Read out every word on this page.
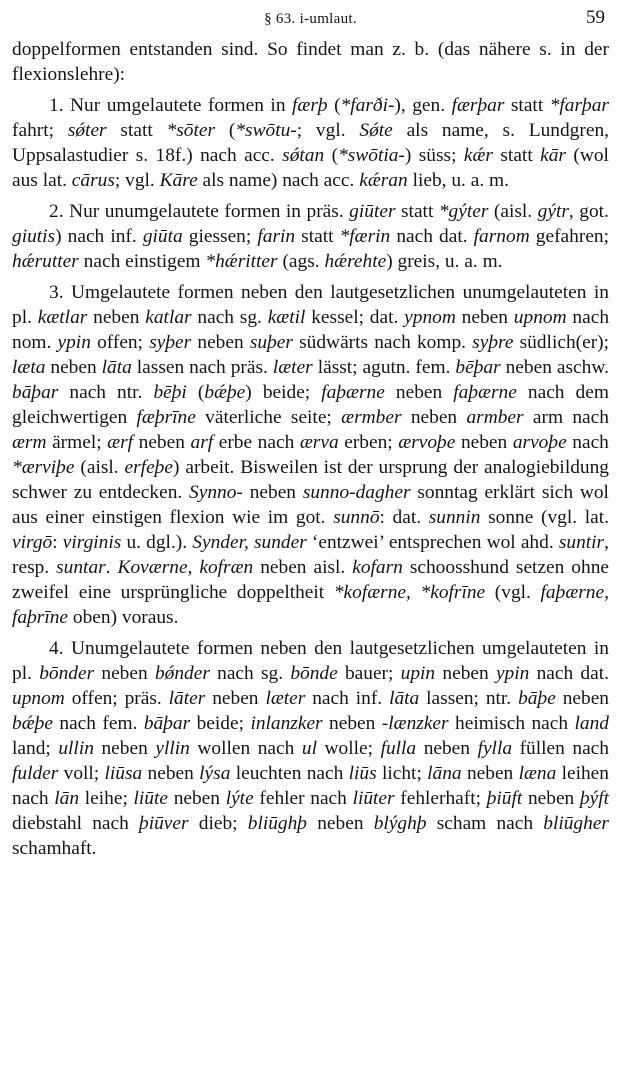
§ 63. i-umlaut.	59

doppelformen entstanden sind. So findet man z. b. (das nähere s. in der flexionslehre):

1. Nur umgelautete formen in færþ (*farði-), gen. færþar statt *farþar fahrt; sǿter statt *sōter (*swōtu-; vgl. Sǿte als name, s. Lundgren, Uppsalastudier s. 18f.) nach acc. sǿtan (*swōtia-) süss; kǽr statt kār (wol aus lat. cārus; vgl. Kāre als name) nach acc. kǽran lieb, u. a. m.

2. Nur unumgelautete formen in präs. giūter statt *gýter (aisl. gýtr, got. giutis) nach inf. giūta giessen; farin statt *færin nach dat. farnom gefahren; hǽrutter nach einstigem *hǽritter (ags. hǽrehte) greis, u. a. m.

3. Umgelautete formen neben den lautgesetzlichen unumgelauteten in pl. kætlar neben katlar nach sg. kætil kessel; dat. ypnom neben upnom nach nom. ypin offen; syþer neben suþer südwärts nach komp. syþre südlich(er); læta neben lāta lassen nach präs. læter lässt; agutn. fem. bēþar neben aschw. bāþar nach ntr. bēþi (bǽþe) beide; faþærne neben faþærne nach dem gleichwertigen fæþrīne väterliche seite; ærmber neben armber arm nach ærm ärmel; ærf neben arf erbe nach ærva erben; ærvoþe neben arvoþe nach *ærviþe (aisl. erfeþe) arbeit. Bisweilen ist der ursprung der analogiebildung schwer zu entdecken. Synno- neben sunno-dagher sonntag erklärt sich wol aus einer einstigen flexion wie im got. sunnō: dat. sunnin sonne (vgl. lat. virgō: virginis u. dgl.). Synder, sunder ‘entzwei’ entsprechen wol ahd. suntir, resp. suntar. Koværne, kofræn neben aisl. kofarn schoosshund setzen ohne zweifel eine ursprüngliche doppeltheit *kofærne, *kofrīne (vgl. faþærne, faþrīne oben) voraus.

4. Unumgelautete formen neben den lautgesetzlichen umgelauteten in pl. bōnder neben bǿnder nach sg. bōnde bauer; upin neben ypin nach dat. upnom offen; präs. lāter neben læter nach inf. lāta lassen; ntr. bāþe neben bǽþe nach fem. bāþar beide; inlanzker neben -lænzker heimisch nach land land; ullin neben yllin wollen nach ul wolle; fulla neben fylla füllen nach fulder voll; liūsa neben lýsa leuchten nach liūs licht; lāna neben læna leihen nach lān leihe; liūte neben lýte fehler nach liūter fehlerhaft; þiūft neben þýft diebstahl nach þiūver dieb; bliūghþ neben blýghþ scham nach bliūgher schamhaft.
